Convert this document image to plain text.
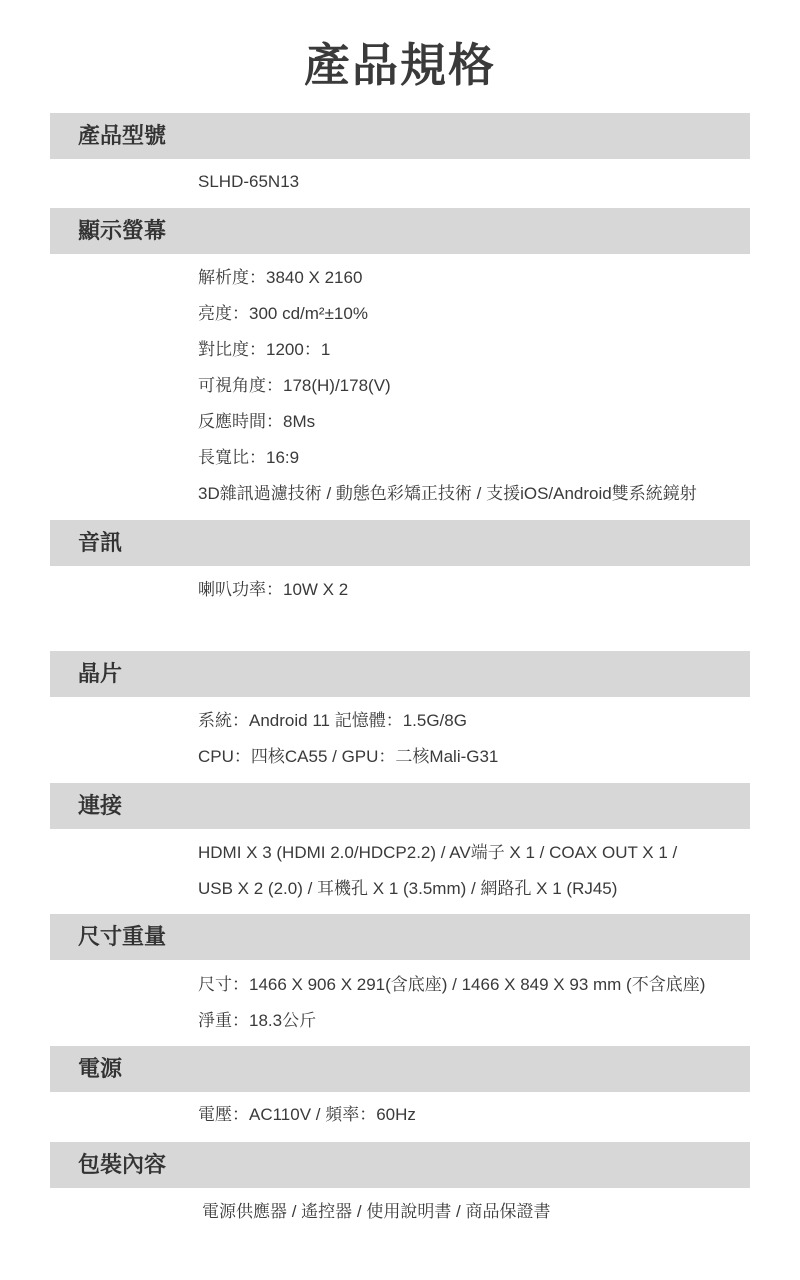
產品規格
產品型號
SLHD-65N13
顯示螢幕
解析度：3840 X 2160
亮度：300 cd/m²±10%
對比度：1200：1
可視角度：178(H)/178(V)
反應時間：8Ms
長寬比：16:9
3D雜訊過濾技術 / 動態色彩矯正技術 / 支援iOS/Android雙系統鏡射
音訊
喇叭功率：10W X 2
晶片
系統：Android 11 記憶體：1.5G/8G
CPU：四核CA55 / GPU：二核Mali-G31
連接
HDMI X 3 (HDMI 2.0/HDCP2.2) / AV端子 X 1 / COAX OUT X 1 /
USB X 2 (2.0) / 耳機孔 X 1 (3.5mm) / 網路孔 X 1 (RJ45)
尺寸重量
尺寸：1466 X 906 X 291(含底座) / 1466 X 849 X 93 mm (不含底座)
淨重：18.3公斤
電源
電壓：AC110V / 頻率：60Hz
包裝內容
電源供應器 / 遙控器 / 使用說明書 / 商品保證書
